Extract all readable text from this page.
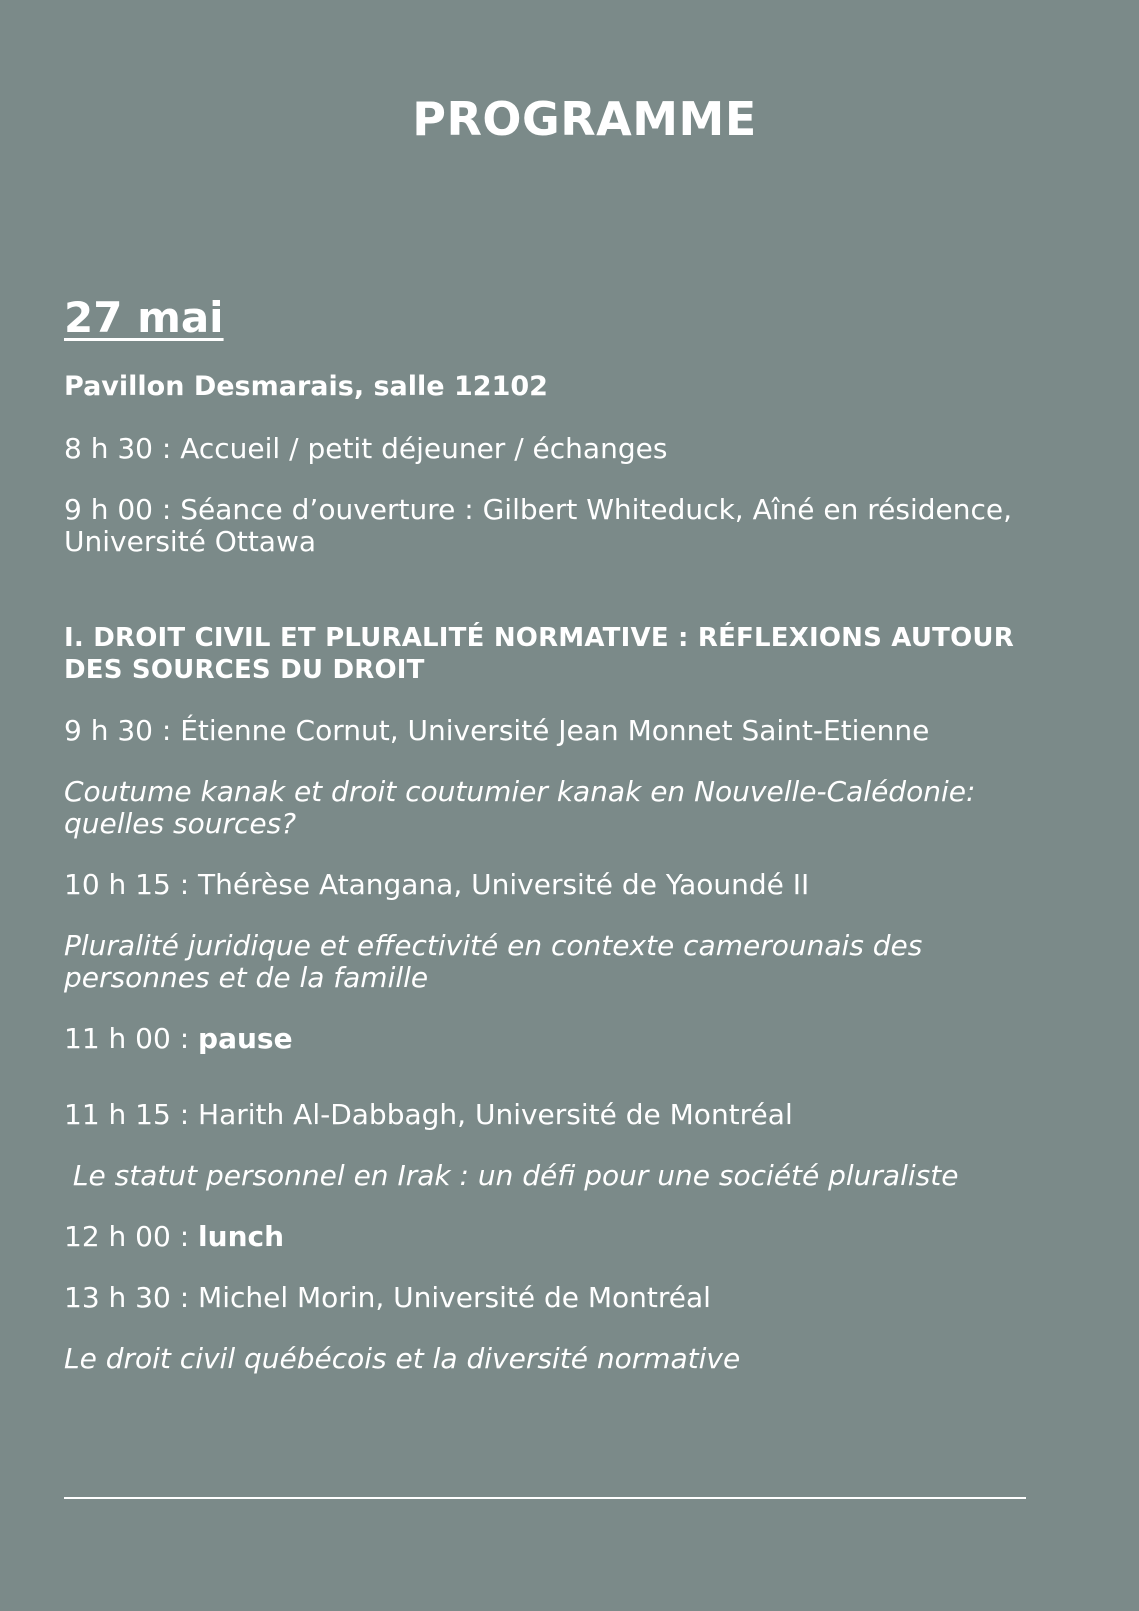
PROGRAMME
27 mai
Pavillon Desmarais, salle 12102
8 h 30 : Accueil / petit déjeuner / échanges
9 h 00 : Séance d’ouverture : Gilbert Whiteduck, Aîné en résidence, Université Ottawa
I. DROIT CIVIL ET PLURALITÉ NORMATIVE : RÉFLEXIONS AUTOUR DES SOURCES DU DROIT
9 h 30 : Étienne Cornut, Université Jean Monnet Saint-Etienne
Coutume kanak et droit coutumier kanak en Nouvelle-Calédonie: quelles sources?
10 h 15 : Thérèse Atangana, Université de Yaoundé II
Pluralité juridique et effectivité en contexte camerounais des personnes et de la famille
11 h 00 : pause
11 h 15 : Harith Al-Dabbagh, Université de Montréal
Le statut personnel en Irak : un défi pour une société pluraliste
12 h 00 : lunch
13 h 30 : Michel Morin, Université de Montréal
Le droit civil québécois et la diversité normative
